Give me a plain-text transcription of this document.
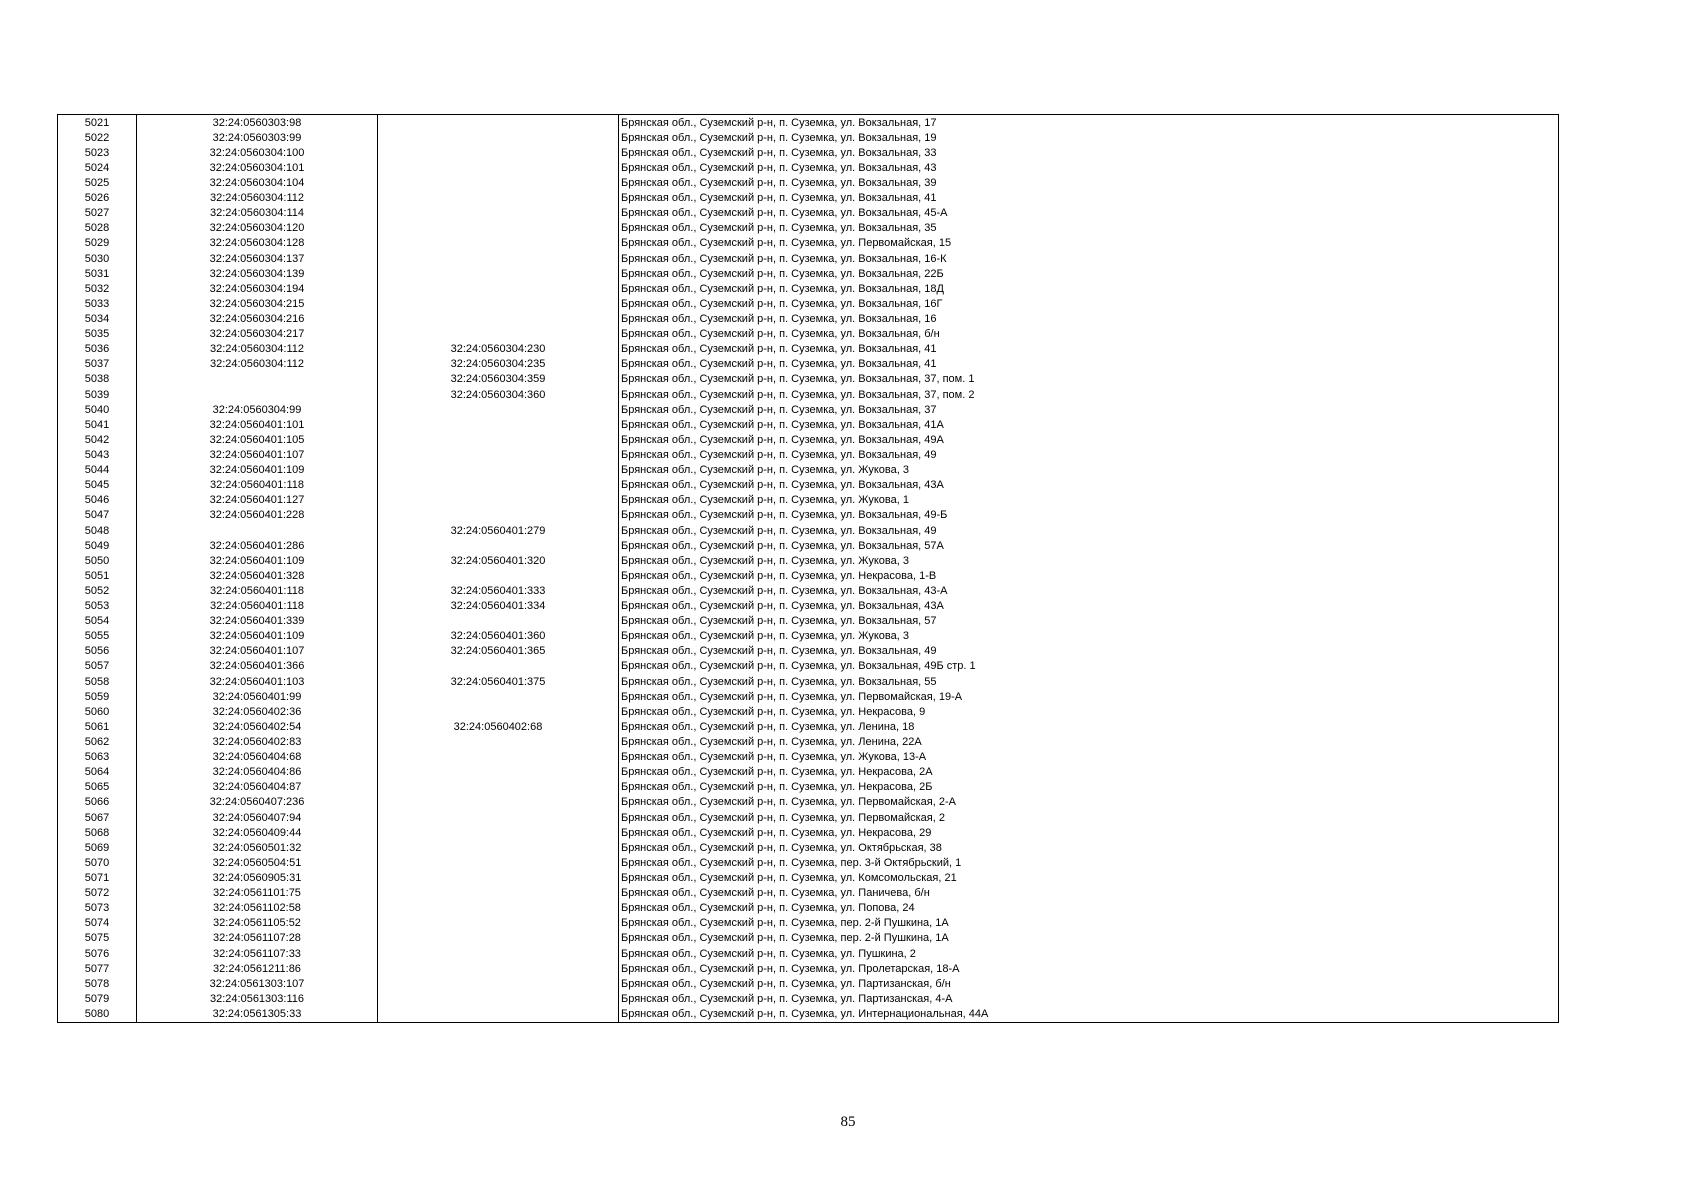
5021	32:24:0560303:98		Брянская обл., Суземский р-н, п. Суземка, ул. Вокзальная, 17
5022	32:24:0560303:99		Брянская обл., Суземский р-н, п. Суземка, ул. Вокзальная, 19
5023	32:24:0560304:100		Брянская обл., Суземский р-н, п. Суземка, ул. Вокзальная, 33
5024	32:24:0560304:101		Брянская обл., Суземский р-н, п. Суземка, ул. Вокзальная, 43
5025	32:24:0560304:104		Брянская обл., Суземский р-н, п. Суземка, ул. Вокзальная, 39
5026	32:24:0560304:112		Брянская обл., Суземский р-н, п. Суземка, ул. Вокзальная, 41
5027	32:24:0560304:114		Брянская обл., Суземский р-н, п. Суземка, ул. Вокзальная, 45-А
5028	32:24:0560304:120		Брянская обл., Суземский р-н, п. Суземка, ул. Вокзальная, 35
5029	32:24:0560304:128		Брянская обл., Суземский р-н, п. Суземка, ул. Первомайская, 15
5030	32:24:0560304:137		Брянская обл., Суземский р-н, п. Суземка, ул. Вокзальная, 16-К
5031	32:24:0560304:139		Брянская обл., Суземский р-н, п. Суземка, ул. Вокзальная, 22Б
5032	32:24:0560304:194		Брянская обл., Суземский р-н, п. Суземка, ул. Вокзальная, 18Д
5033	32:24:0560304:215		Брянская обл., Суземский р-н, п. Суземка, ул. Вокзальная, 16Г
5034	32:24:0560304:216		Брянская обл., Суземский р-н, п. Суземка, ул. Вокзальная, 16
5035	32:24:0560304:217		Брянская обл., Суземский р-н, п. Суземка, ул. Вокзальная, б/н
5036	32:24:0560304:112	32:24:0560304:230	Брянская обл., Суземский р-н, п. Суземка, ул. Вокзальная, 41
5037	32:24:0560304:112	32:24:0560304:235	Брянская обл., Суземский р-н, п. Суземка, ул. Вокзальная, 41
5038		32:24:0560304:359	Брянская обл., Суземский р-н, п. Суземка, ул. Вокзальная, 37, пом. 1
5039		32:24:0560304:360	Брянская обл., Суземский р-н, п. Суземка, ул. Вокзальная, 37, пом. 2
5040	32:24:0560304:99		Брянская обл., Суземский р-н, п. Суземка, ул. Вокзальная, 37
5041	32:24:0560401:101		Брянская обл., Суземский р-н, п. Суземка, ул. Вокзальная, 41А
5042	32:24:0560401:105		Брянская обл., Суземский р-н, п. Суземка, ул. Вокзальная, 49А
5043	32:24:0560401:107		Брянская обл., Суземский р-н, п. Суземка, ул. Вокзальная, 49
5044	32:24:0560401:109		Брянская обл., Суземский р-н, п. Суземка, ул. Жукова, 3
5045	32:24:0560401:118		Брянская обл., Суземский р-н, п. Суземка, ул. Вокзальная, 43А
5046	32:24:0560401:127		Брянская обл., Суземский р-н, п. Суземка, ул. Жукова, 1
5047	32:24:0560401:228		Брянская обл., Суземский р-н, п. Суземка, ул. Вокзальная, 49-Б
5048		32:24:0560401:279	Брянская обл., Суземский р-н, п. Суземка, ул. Вокзальная, 49
5049	32:24:0560401:286		Брянская обл., Суземский р-н, п. Суземка, ул. Вокзальная, 57А
5050	32:24:0560401:109	32:24:0560401:320	Брянская обл., Суземский р-н, п. Суземка, ул. Жукова, 3
5051	32:24:0560401:328		Брянская обл., Суземский р-н, п. Суземка, ул. Некрасова, 1-В
5052	32:24:0560401:118	32:24:0560401:333	Брянская обл., Суземский р-н, п. Суземка, ул. Вокзальная, 43-А
5053	32:24:0560401:118	32:24:0560401:334	Брянская обл., Суземский р-н, п. Суземка, ул. Вокзальная, 43А
5054	32:24:0560401:339		Брянская обл., Суземский р-н, п. Суземка, ул. Вокзальная, 57
5055	32:24:0560401:109	32:24:0560401:360	Брянская обл., Суземский р-н, п. Суземка, ул. Жукова, 3
5056	32:24:0560401:107	32:24:0560401:365	Брянская обл., Суземский р-н, п. Суземка, ул. Вокзальная, 49
5057	32:24:0560401:366		Брянская обл., Суземский р-н, п. Суземка, ул. Вокзальная, 49Б стр. 1
5058	32:24:0560401:103	32:24:0560401:375	Брянская обл., Суземский р-н, п. Суземка, ул. Вокзальная, 55
5059	32:24:0560401:99		Брянская обл., Суземский р-н, п. Суземка, ул. Первомайская, 19-А
5060	32:24:0560402:36		Брянская обл., Суземский р-н, п. Суземка, ул. Некрасова, 9
5061	32:24:0560402:54	32:24:0560402:68	Брянская обл., Суземский р-н, п. Суземка, ул. Ленина, 18
5062	32:24:0560402:83		Брянская обл., Суземский р-н, п. Суземка, ул. Ленина, 22А
5063	32:24:0560404:68		Брянская обл., Суземский р-н, п. Суземка, ул. Жукова, 13-А
5064	32:24:0560404:86		Брянская обл., Суземский р-н, п. Суземка, ул. Некрасова, 2А
5065	32:24:0560404:87		Брянская обл., Суземский р-н, п. Суземка, ул. Некрасова, 2Б
5066	32:24:0560407:236		Брянская обл., Суземский р-н, п. Суземка, ул. Первомайская, 2-А
5067	32:24:0560407:94		Брянская обл., Суземский р-н, п. Суземка, ул. Первомайская, 2
5068	32:24:0560409:44		Брянская обл., Суземский р-н, п. Суземка, ул. Некрасова, 29
5069	32:24:0560501:32		Брянская обл., Суземский р-н, п. Суземка, ул. Октябрьская, 38
5070	32:24:0560504:51		Брянская обл., Суземский р-н, п. Суземка, пер. 3-й Октябрьский, 1
5071	32:24:0560905:31		Брянская обл., Суземский р-н, п. Суземка, ул. Комсомольская, 21
5072	32:24:0561101:75		Брянская обл., Суземский р-н, п. Суземка, ул. Паничева, б/н
5073	32:24:0561102:58		Брянская обл., Суземский р-н, п. Суземка, ул. Попова, 24
5074	32:24:0561105:52		Брянская обл., Суземский р-н, п. Суземка, пер. 2-й Пушкина, 1А
5075	32:24:0561107:28		Брянская обл., Суземский р-н, п. Суземка, пер. 2-й Пушкина, 1А
5076	32:24:0561107:33		Брянская обл., Суземский р-н, п. Суземка, ул. Пушкина, 2
5077	32:24:0561211:86		Брянская обл., Суземский р-н, п. Суземка, ул. Пролетарская, 18-А
5078	32:24:0561303:107		Брянская обл., Суземский р-н, п. Суземка, ул. Партизанская, б/н
5079	32:24:0561303:116		Брянская обл., Суземский р-н, п. Суземка, ул. Партизанская, 4-А
5080	32:24:0561305:33		Брянская обл., Суземский р-н, п. Суземка, ул. Интернациональная, 44А
85
